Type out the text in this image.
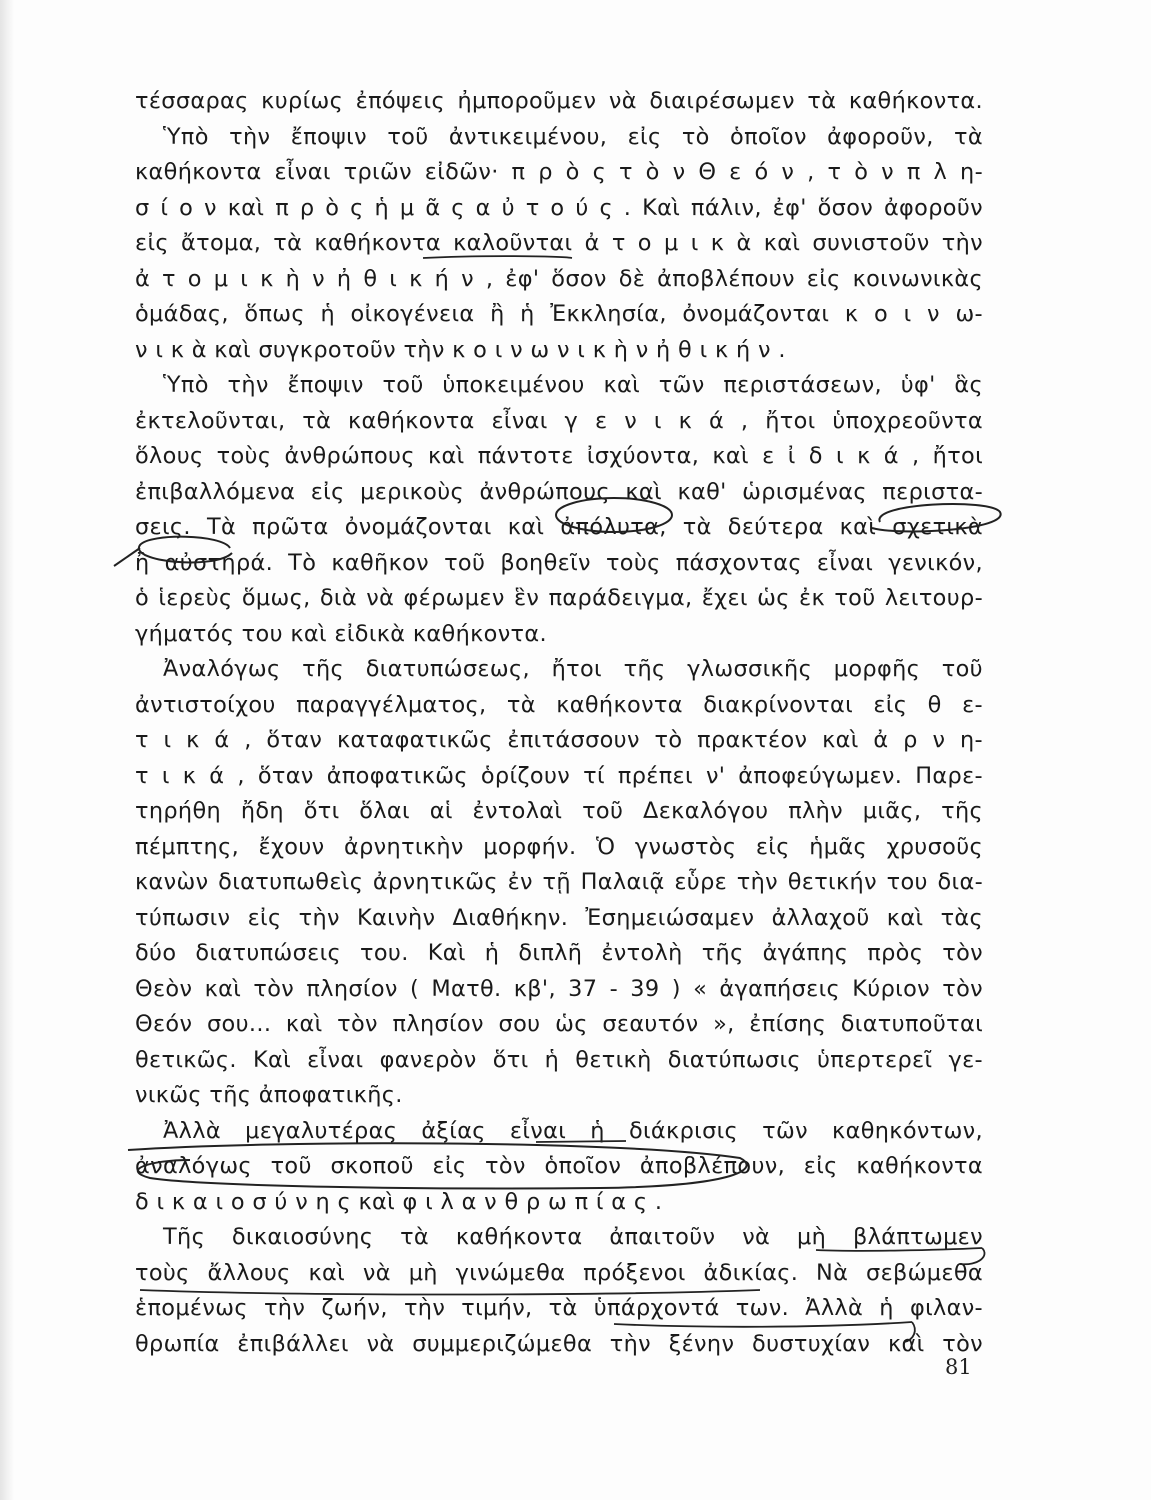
τέσσαρας κυρίως ἐπόψεις ἠμποροῦμεν νὰ διαιρέσωμεν τὰ καθήκοντα.
Ὑπὸ τὴν ἔποψιν τοῦ ἀντικειμένου, εἰς τὸ ὁποῖον ἀφοροῦν, τὰ
καθήκοντα εἶναι τριῶν εἰδῶν· π ρ ὸ ς τ ὸ ν Θ ε ό ν , τ ὸ ν π λ η-
σ ί ο ν καὶ π ρ ὸ ς ἡ μ ᾶ ς α ὐ τ ο ύ ς . Καὶ πάλιν, ἐφ' ὅσον ἀφοροῦν
εἰς ἄτομα, τὰ καθήκοντα καλοῦνται ἀ τ ο μ ι κ ὰ καὶ συνιστοῦν τὴν
ἀ τ ο μ ι κ ὴ ν ἠ θ ι κ ή ν , ἐφ' ὅσον δὲ ἀποβλέπουν εἰς κοινωνικὰς
ὁμάδας, ὅπως ἡ οἰκογένεια ἢ ἡ Ἐκκλησία, ὀνομάζονται κ ο ι ν ω-
ν ι κ ὰ καὶ συγκροτοῦν τὴν κ ο ι ν ω ν ι κ ὴ ν ἠ θ ι κ ή ν .
Ὑπὸ τὴν ἔποψιν τοῦ ὑποκειμένου καὶ τῶν περιστάσεων, ὑφ' ἃς
ἐκτελοῦνται, τὰ καθήκοντα εἶναι γ ε ν ι κ ά , ἤτοι ὑποχρεοῦντα
ὅλους τοὺς ἀνθρώπους καὶ πάντοτε ἰσχύοντα, καὶ ε ἰ δ ι κ ά , ἤτοι
ἐπιβαλλόμενα εἰς μερικοὺς ἀνθρώπους καὶ καθ' ὡρισμένας περιστα-
σεις. Τὰ πρῶτα ὀνομάζονται καὶ ἀπόλυτα, τὰ δεύτερα καὶ σχετικὰ
ἢ αὐστηρά. Τὸ καθῆκον τοῦ βοηθεῖν τοὺς πάσχοντας εἶναι γενικόν,
ὁ ἱερεὺς ὅμως, διὰ νὰ φέρωμεν ἓν παράδειγμα, ἔχει ὡς ἐκ τοῦ λειτουρ-
γήματός του καὶ εἰδικὰ καθήκοντα.
Ἀναλόγως τῆς διατυπώσεως, ἤτοι τῆς γλωσσικῆς μορφῆς τοῦ
ἀντιστοίχου παραγγέλματος, τὰ καθήκοντα διακρίνονται εἰς θ ε-
τ ι κ ά , ὅταν καταφατικῶς ἐπιτάσσουν τὸ πρακτέον καὶ ἀ ρ ν η-
τ ι κ ά , ὅταν ἀποφατικῶς ὁρίζουν τί πρέπει ν' ἀποφεύγωμεν. Παρε-
τηρήθη ἤδη ὅτι ὅλαι αἱ ἐντολαὶ τοῦ Δεκαλόγου πλὴν μιᾶς, τῆς
πέμπτης, ἔχουν ἀρνητικὴν μορφήν. Ὁ γνωστὸς εἰς ἡμᾶς χρυσοῦς
κανὼν διατυπωθεὶς ἀρνητικῶς ἐν τῇ Παλαιᾷ εὗρε τὴν θετικήν του δια-
τύπωσιν εἰς τὴν Καινὴν Διαθήκην. Ἐσημειώσαμεν ἀλλαχοῦ καὶ τὰς
δύο διατυπώσεις του. Καὶ ἡ διπλῆ ἐντολὴ τῆς ἀγάπης πρὸς τὸν
Θεὸν καὶ τὸν πλησίον ( Ματθ. κβ', 37 - 39 ) « ἀγαπήσεις Κύριον τὸν
Θεόν σου... καὶ τὸν πλησίον σου ὡς σεαυτόν », ἐπίσης διατυποῦται
θετικῶς. Καὶ εἶναι φανερὸν ὅτι ἡ θετικὴ διατύπωσις ὑπερτερεῖ γε-
νικῶς τῆς ἀποφατικῆς.
Ἀλλὰ μεγαλυτέρας ἀξίας εἶναι ἡ διάκρισις τῶν καθηκόντων,
ἀναλόγως τοῦ σκοποῦ εἰς τὸν ὁποῖον ἀποβλέπουν, εἰς καθήκοντα
δ ι κ α ι ο σ ύ ν η ς καὶ φ ι λ α ν θ ρ ω π ί α ς .
Τῆς δικαιοσύνης τὰ καθήκοντα ἀπαιτοῦν νὰ μὴ βλάπτωμεν
τοὺς ἄλλους καὶ νὰ μὴ γινώμεθα πρόξενοι ἀδικίας. Νὰ σεβώμεθα
ἑπομένως τὴν ζωήν, τὴν τιμήν, τὰ ὑπάρχοντά των. Ἀλλὰ ἡ φιλαν-
θρωπία ἐπιβάλλει νὰ συμμεριζώμεθα τὴν ξένην δυστυχίαν καὶ τὸν
81
